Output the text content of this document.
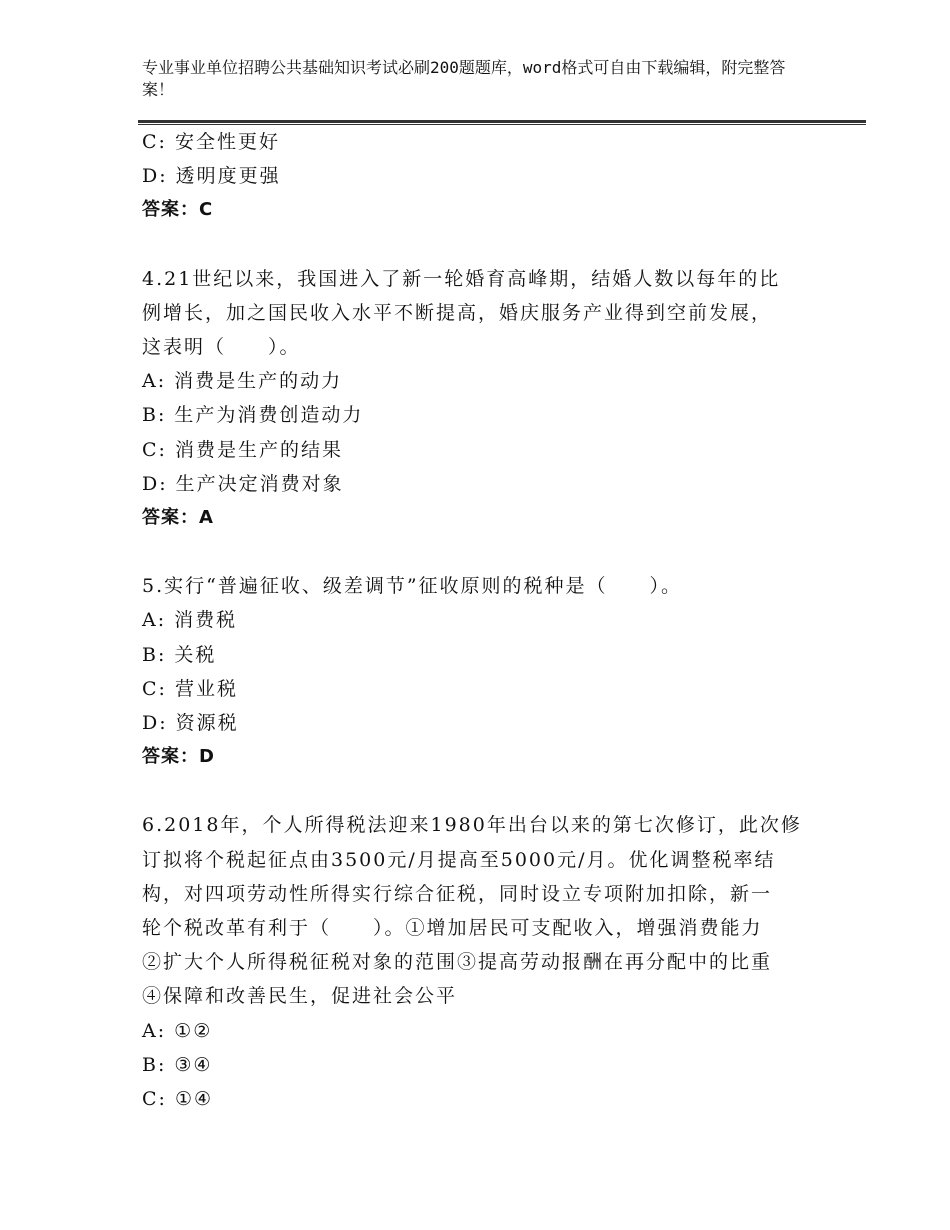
专业事业单位招聘公共基础知识考试必刷200题题库，word格式可自由下载编辑，附完整答案！
C: 安全性更好
D: 透明度更强
答案：C
4.21世纪以来，我国进入了新一轮婚育高峰期，结婚人数以每年的比
例增长，加之国民收入水平不断提高，婚庆服务产业得到空前发展，
这表明（　　）。
A: 消费是生产的动力
B: 生产为消费创造动力
C: 消费是生产的结果
D: 生产决定消费对象
答案：A
5.实行“普遍征收、级差调节”征收原则的税种是（　　）。
A: 消费税
B: 关税
C: 营业税
D: 资源税
答案：D
6.2018年，个人所得税法迎来1980年出台以来的第七次修订，此次修
订拟将个税起征点由3500元/月提高至5000元/月。优化调整税率结
构，对四项劳动性所得实行综合征税，同时设立专项附加扣除，新一
轮个税改革有利于（　　）。①增加居民可支配收入，增强消费能力
②扩大个人所得税征税对象的范围③提高劳动报酬在再分配中的比重
④保障和改善民生，促进社会公平
A: ①②
B: ③④
C: ①④
